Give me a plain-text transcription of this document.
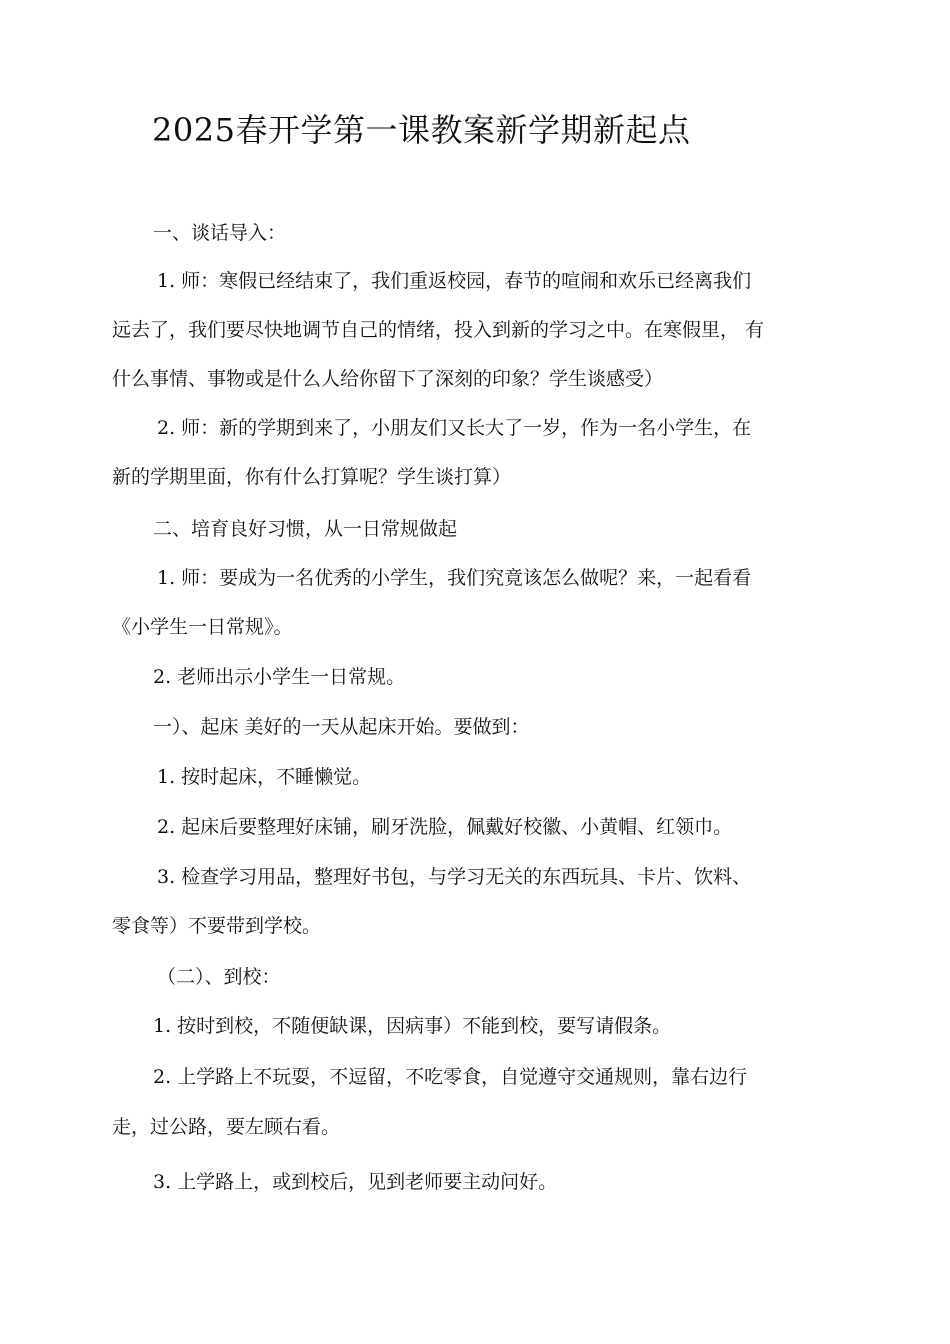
2025春开学第一课教案新学期新起点

一、谈话导入：

1. 师：寒假已经结束了，我们重返校园，春节的喧闹和欢乐已经离我们

远去了，我们要尽快地调节自己的情绪，投入到新的学习之中。在寒假里， 有

什么事情、事物或是什么人给你留下了深刻的印象？学生谈感受）

2. 师：新的学期到来了，小朋友们又长大了一岁，作为一名小学生，在

新的学期里面，你有什么打算呢？学生谈打算）

二、培育良好习惯，从一日常规做起

1. 师：要成为一名优秀的小学生，我们究竟该怎么做呢？来，一起看看

《小学生一日常规》。

2. 老师出示小学生一日常规。

一）、起床 美好的一天从起床开始。要做到：

1. 按时起床，不睡懒觉。

2. 起床后要整理好床铺，刷牙洗脸，佩戴好校徽、小黄帽、红领巾。

3. 检查学习用品，整理好书包，与学习无关的东西玩具、卡片、饮料、

零食等）不要带到学校。

（二）、到校：

1. 按时到校，不随便缺课，因病事）不能到校，要写请假条。

2. 上学路上不玩耍，不逗留，不吃零食，自觉遵守交通规则，靠右边行

走，过公路，要左顾右看。

3. 上学路上，或到校后，见到老师要主动问好。
